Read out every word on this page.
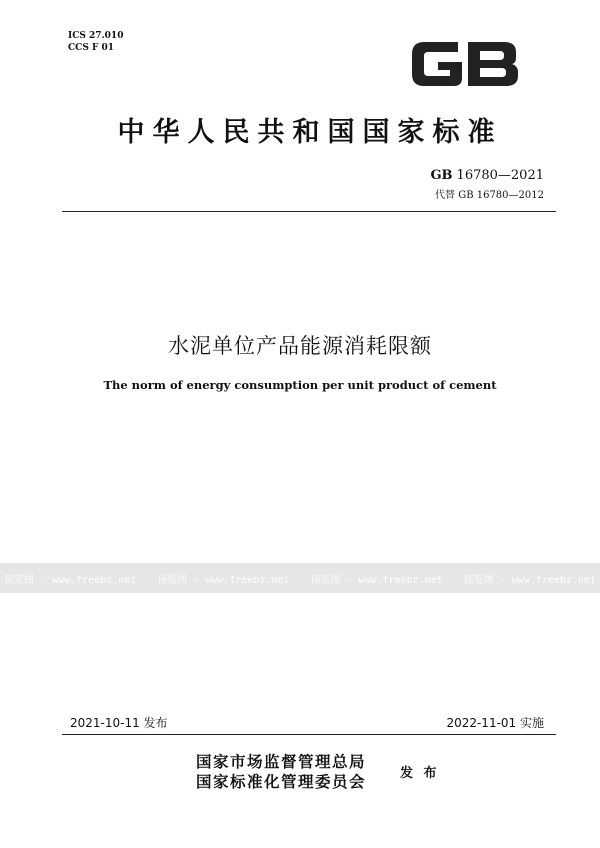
ICS 27.010
CCS F 01
中华人民共和国国家标准
GB 16780—2021
代替 GB 16780—2012
水泥单位产品能源消耗限额
The norm of energy consumption per unit product of cement
预览图 - www.freebz.net 预览图 - www.freebz.net 预览图 - www.freebz.net 预览图 - www.freebz.net
2021-10-11 发布	2022-11-01 实施
国家市场监督管理总局
国家标准化管理委员会	发 布
